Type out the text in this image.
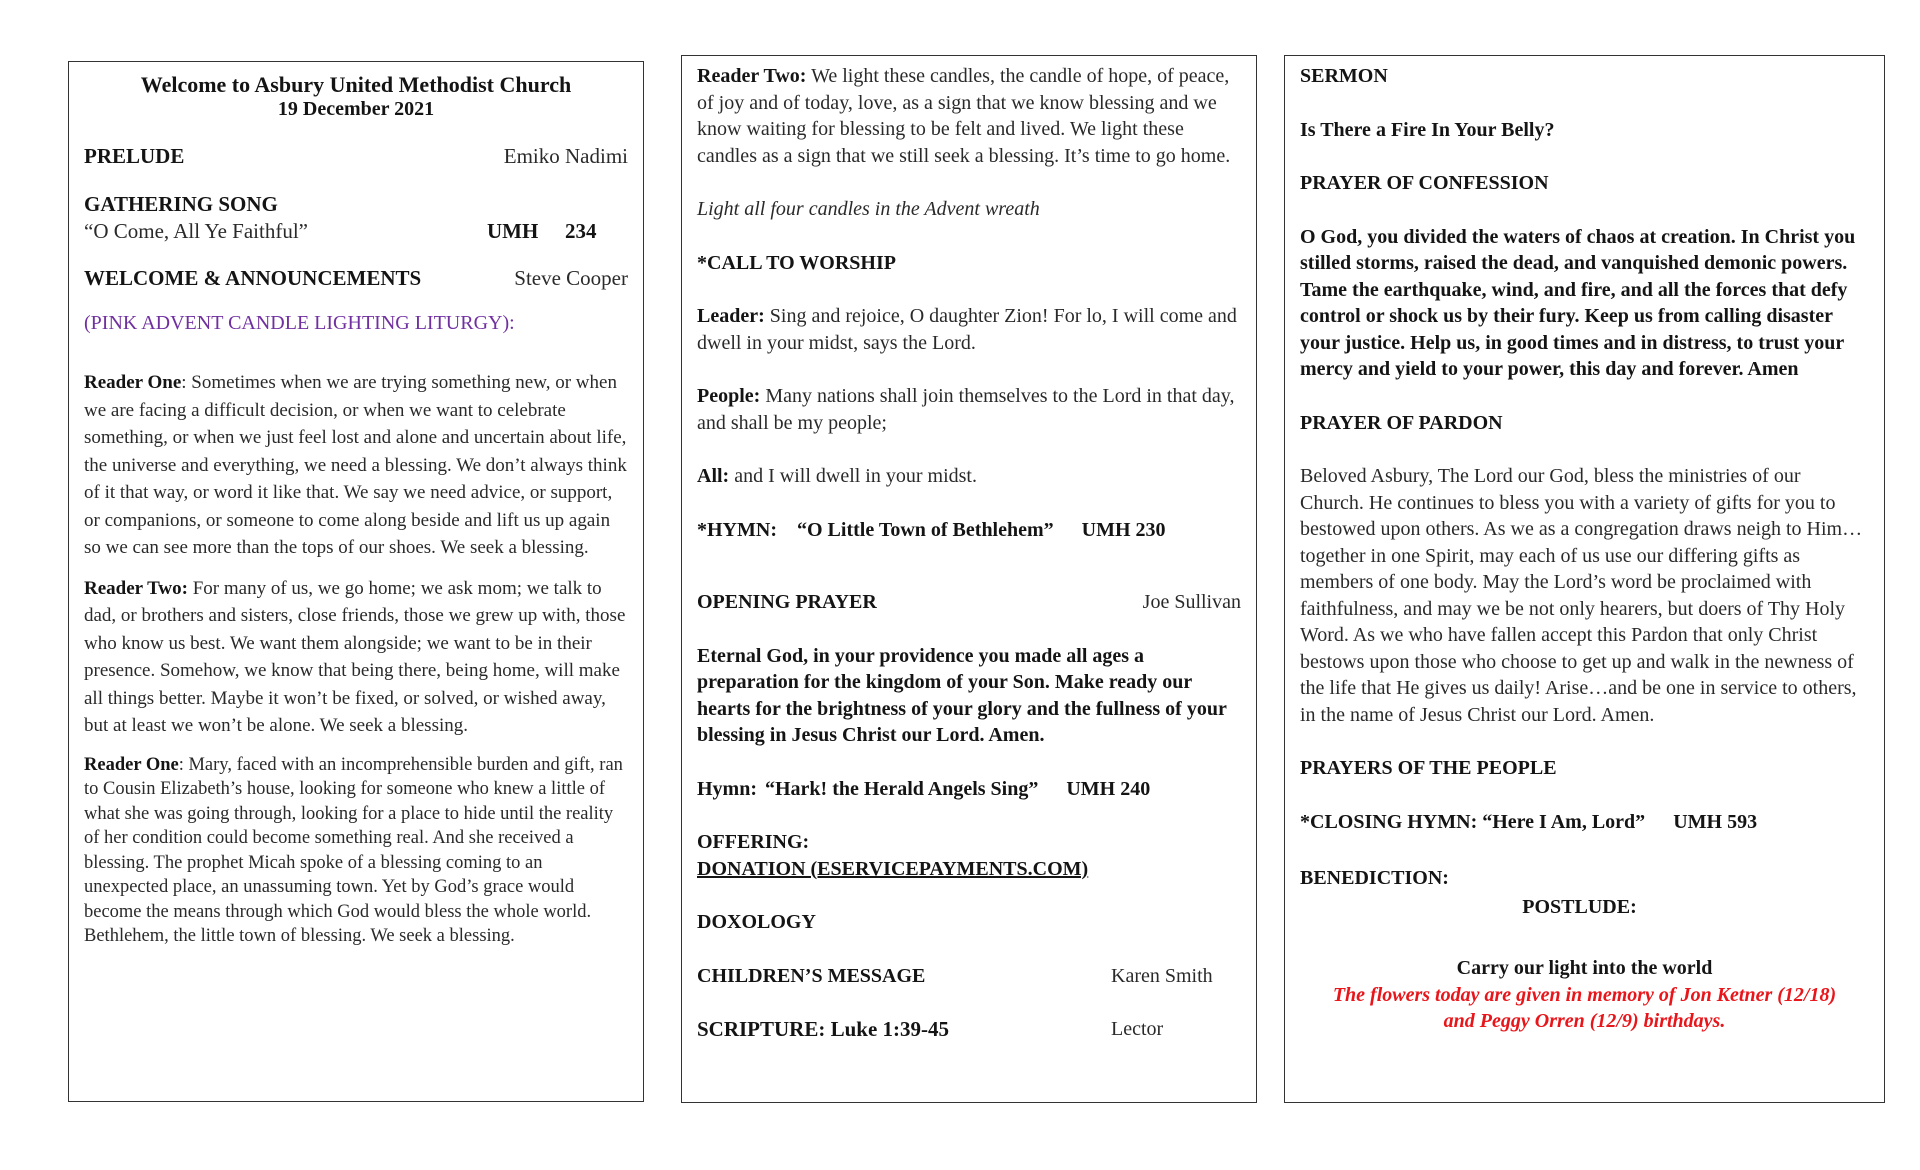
Welcome to Asbury United Methodist Church
19 December 2021
PRELUDE	Emiko Nadimi
GATHERING SONG
“O Come, All Ye Faithful”	UMH	234
WELCOME & ANNOUNCEMENTS	Steve Cooper
(PINK ADVENT CANDLE LIGHTING LITURGY):

Reader One: Sometimes when we are trying something new, or when we are facing a difficult decision, or when we want to celebrate something, or when we just feel lost and alone and uncertain about life, the universe and everything, we need a blessing. We don’t always think of it that way, or word it like that. We say we need advice, or support, or companions, or someone to come along beside and lift us up again so we can see more than the tops of our shoes. We seek a blessing.

Reader Two: For many of us, we go home; we ask mom; we talk to dad, or brothers and sisters, close friends, those we grew up with, those who know us best. We want them alongside; we want to be in their presence. Somehow, we know that being there, being home, will make all things better. Maybe it won’t be fixed, or solved, or wished away, but at least we won’t be alone. We seek a blessing.

Reader One: Mary, faced with an incomprehensible burden and gift, ran to Cousin Elizabeth’s house, looking for someone who knew a little of what she was going through, looking for a place to hide until the reality of her condition could become something real. And she received a blessing. The prophet Micah spoke of a blessing coming to an unexpected place, an unassuming town. Yet by God’s grace would become the means through which God would bless the whole world. Bethlehem, the little town of blessing. We seek a blessing.

Reader Two: We light these candles, the candle of hope, of peace, of joy and of today, love, as a sign that we know blessing and we know waiting for blessing to be felt and lived. We light these candles as a sign that we still seek a blessing. It’s time to go home.

Light all four candles in the Advent wreath
*CALL TO WORSHIP

Leader: Sing and rejoice, O daughter Zion! For lo, I will come and dwell in your midst, says the Lord.

People: Many nations shall join themselves to the Lord in that day, and shall be my people;

All: and I will dwell in your midst.

*HYMN: “O Little Town of Bethlehem” UMH 230
OPENING PRAYER	Joe Sullivan

Eternal God, in your providence you made all ages a preparation for the kingdom of your Son. Make ready our hearts for the brightness of your glory and the fullness of your blessing in Jesus Christ our Lord. Amen.

Hymn: “Hark! the Herald Angels Sing” UMH 240
OFFERING:
DONATION (ESERVICEPAYMENTS.COM)
DOXOLOGY
CHILDREN’S MESSAGE	Karen Smith
SCRIPTURE: Luke 1:39-45	Lector
SERMON
Is There a Fire In Your Belly?
PRAYER OF CONFESSION

O God, you divided the waters of chaos at creation. In Christ you stilled storms, raised the dead, and vanquished demonic powers. Tame the earthquake, wind, and fire, and all the forces that defy control or shock us by their fury. Keep us from calling disaster your justice. Help us, in good times and in distress, to trust your mercy and yield to your power, this day and forever. Amen

PRAYER OF PARDON

Beloved Asbury, The Lord our God, bless the ministries of our Church. He continues to bless you with a variety of gifts for you to bestowed upon others. As we as a congregation draws neigh to Him…together in one Spirit, may each of us use our differing gifts as members of one body. May the Lord’s word be proclaimed with faithfulness, and may we be not only hearers, but doers of Thy Holy Word. As we who have fallen accept this Pardon that only Christ bestows upon those who choose to get up and walk in the newness of the life that He gives us daily! Arise…and be one in service to others, in the name of Jesus Christ our Lord. Amen.

PRAYERS OF THE PEOPLE
*CLOSING HYMN: “Here I Am, Lord” UMH 593
BENEDICTION:
POSTLUDE:
Carry our light into the world

The flowers today are given in memory of Jon Ketner (12/18) and Peggy Orren (12/9) birthdays.
